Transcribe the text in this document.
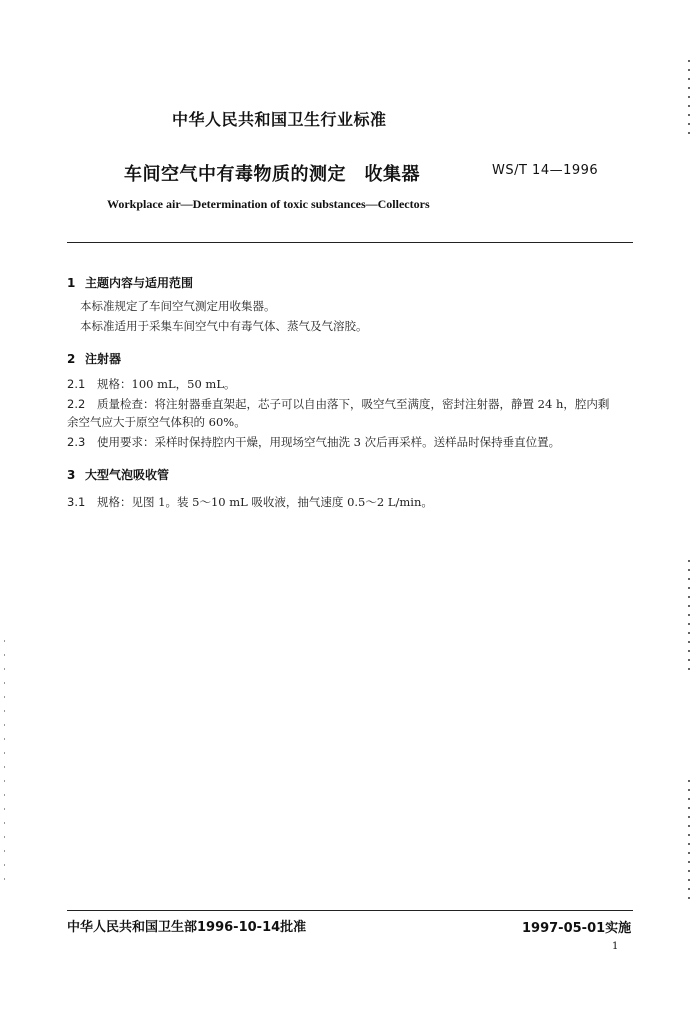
中华人民共和国卫生行业标准
车间空气中有毒物质的测定　收集器	WS/T 14—1996
Workplace air—Determination of toxic substances—Collectors
1 主题内容与适用范围
本标准规定了车间空气测定用收集器。
本标准适用于采集车间空气中有毒气体、蒸气及气溶胶。
2 注射器
2.1 规格：100 mL，50 mL。
2.2 质量检查：将注射器垂直架起，芯子可以自由落下，吸空气至满度，密封注射器，静置 24 h，腔内剩
余空气应大于原空气体积的 60%。
2.3 使用要求：采样时保持腔内干燥，用现场空气抽洗 3 次后再采样。送样品时保持垂直位置。
3 大型气泡吸收管
3.1 规格：见图 1。装 5～10 mL 吸收液，抽气速度 0.5～2 L/min。
中华人民共和国卫生部1996-10-14批准	1997-05-01实施
1
